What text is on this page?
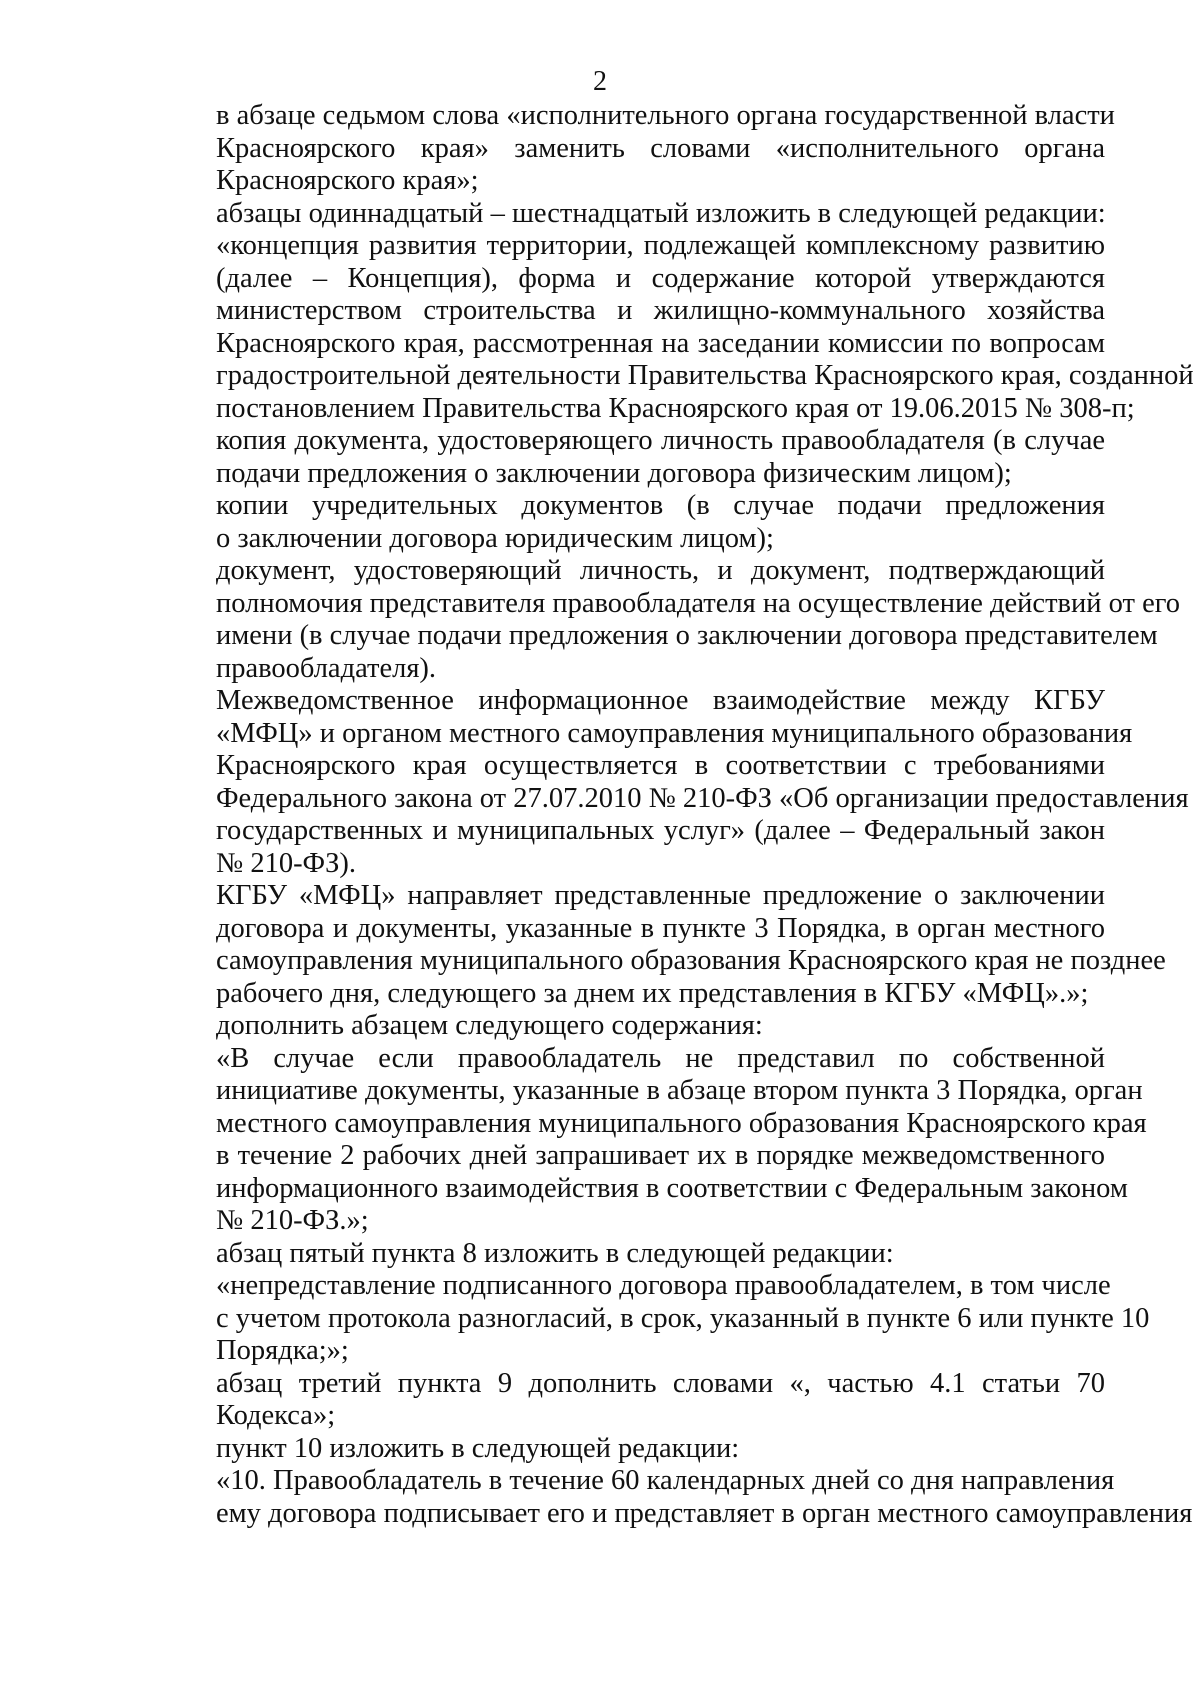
2

в абзаце седьмом слова «исполнительного органа государственной власти
Красноярского края» заменить словами «исполнительного органа
Красноярского края»;

абзацы одиннадцатый – шестнадцатый изложить в следующей редакции:

«концепция развития территории, подлежащей комплексному развитию
(далее – Концепция), форма и содержание которой утверждаются
министерством строительства и жилищно-коммунального хозяйства
Красноярского края, рассмотренная на заседании комиссии по вопросам
градостроительной деятельности Правительства Красноярского края, созданной
постановлением Правительства Красноярского края от 19.06.2015 № 308-п;

копия документа, удостоверяющего личность правообладателя (в случае
подачи предложения о заключении договора физическим лицом);

копии учредительных документов (в случае подачи предложения
о заключении договора юридическим лицом);

документ, удостоверяющий личность, и документ, подтверждающий
полномочия представителя правообладателя на осуществление действий от его
имени (в случае подачи предложения о заключении договора представителем
правообладателя).

Межведомственное информационное взаимодействие между КГБУ
«МФЦ» и органом местного самоуправления муниципального образования
Красноярского края осуществляется в соответствии с требованиями
Федерального закона от 27.07.2010 № 210-ФЗ «Об организации предоставления
государственных и муниципальных услуг» (далее – Федеральный закон
№ 210-ФЗ).

КГБУ «МФЦ» направляет представленные предложение о заключении
договора и документы, указанные в пункте 3 Порядка, в орган местного
самоуправления муниципального образования Красноярского края не позднее
рабочего дня, следующего за днем их представления в КГБУ «МФЦ».»;

дополнить абзацем следующего содержания:

«В случае если правообладатель не представил по собственной
инициативе документы, указанные в абзаце втором пункта 3 Порядка, орган
местного самоуправления муниципального образования Красноярского края
в течение 2 рабочих дней запрашивает их в порядке межведомственного
информационного взаимодействия в соответствии с Федеральным законом
№ 210-ФЗ.»;

абзац пятый пункта 8 изложить в следующей редакции:

«непредставление подписанного договора правообладателем, в том числе
с учетом протокола разногласий, в срок, указанный в пункте 6 или пункте 10
Порядка;»;

абзац третий пункта 9 дополнить словами «, частью 4.1 статьи 70
Кодекса»;

пункт 10 изложить в следующей редакции:

«10. Правообладатель в течение 60 календарных дней со дня направления
ему договора подписывает его и представляет в орган местного самоуправления
